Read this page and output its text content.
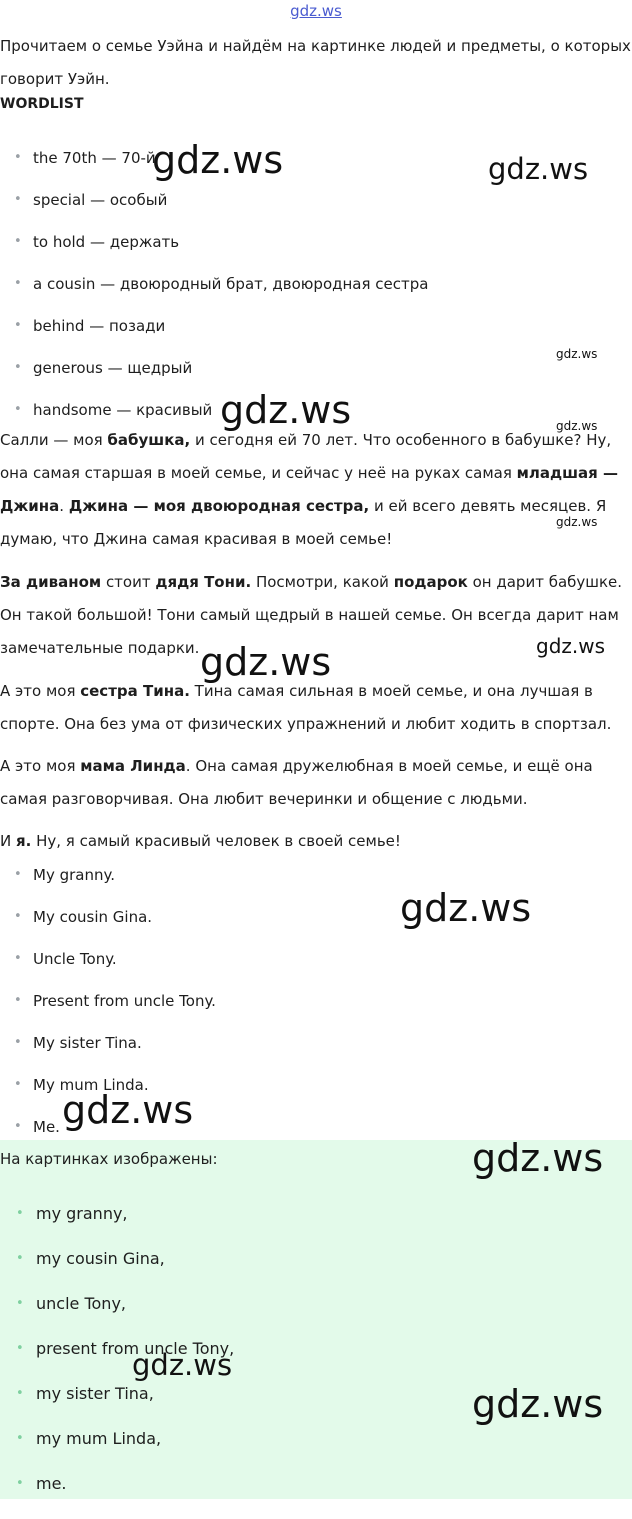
gdz.ws

Прочитаем о семье Уэйна и найдём на картинке людей и предметы, о которых говорит Уэйн.

WORDLIST
• the 70th — 70-й
• special — особый
• to hold — держать
• a cousin — двоюродный брат, двоюродная сестра
• behind — позади
• generous — щедрый
• handsome — красивый

Салли — моя бабушка, и сегодня ей 70 лет. Что особенного в бабушке? Ну, она самая старшая в моей семье, и сейчас у неё на руках самая младшая — Джина. Джина — моя двоюродная сестра, и ей всего девять месяцев. Я думаю, что Джина самая красивая в моей семье!

За диваном стоит дядя Тони. Посмотри, какой подарок он дарит бабушке. Он такой большой! Тони самый щедрый в нашей семье. Он всегда дарит нам замечательные подарки.

А это моя сестра Тина. Тина самая сильная в моей семье, и она лучшая в спорте. Она без ума от физических упражнений и любит ходить в спортзал.

А это моя мама Линда. Она самая дружелюбная в моей семье, и ещё она самая разговорчивая. Она любит вечеринки и общение с людьми.

И я. Ну, я самый красивый человек в своей семье!

• My granny.
• My cousin Gina.
• Uncle Tony.
• Present from uncle Tony.
• My sister Tina.
• My mum Linda.
• Me.
На картинках изображены:
• my granny,
• my cousin Gina,
• uncle Tony,
• present from uncle Tony,
• my sister Tina,
• my mum Linda,
• me.
gdz.ws	gdz.ws
gdz.ws
gdz.ws	gdz.ws
gdz.ws
gdz.ws
gdz.ws
gdz.ws
gdz.ws
gdz.ws
gdz.ws
gdz.ws
